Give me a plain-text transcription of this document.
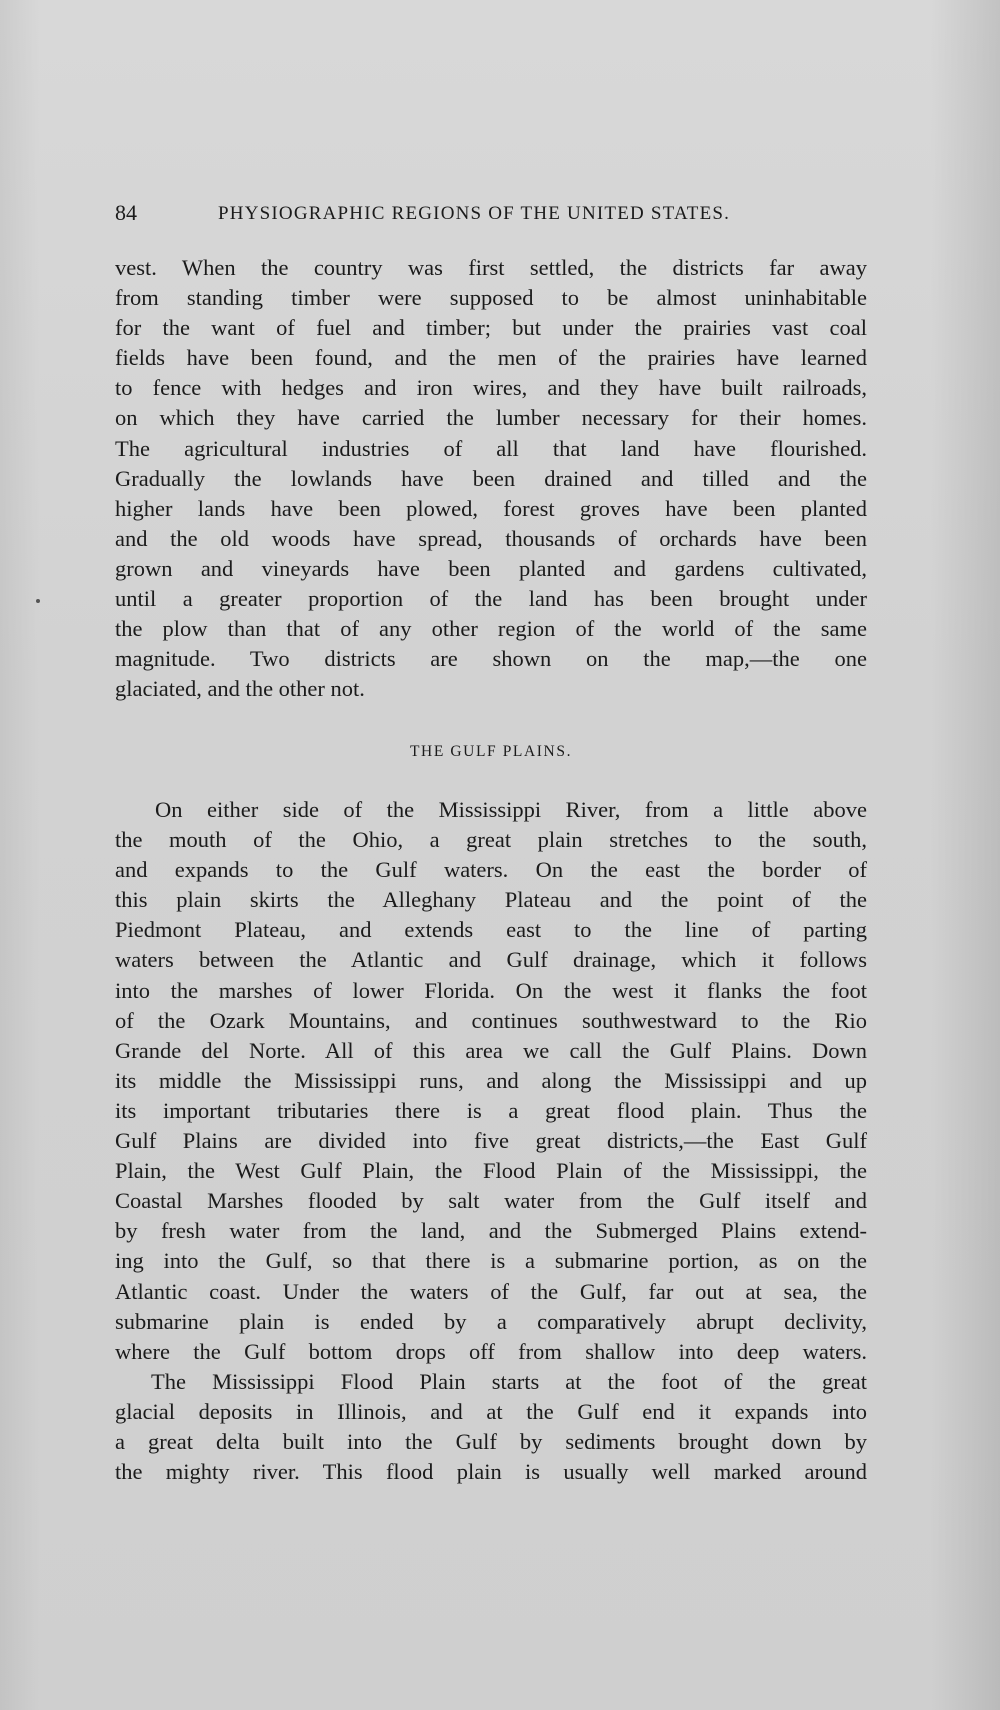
84	PHYSIOGRAPHIC REGIONS OF THE UNITED STATES.
vest. When the country was first settled, the districts far away
from standing timber were supposed to be almost uninhabitable
for the want of fuel and timber; but under the prairies vast coal
fields have been found, and the men of the prairies have learned
to fence with hedges and iron wires, and they have built railroads,
on which they have carried the lumber necessary for their homes.
The agricultural industries of all that land have flourished.
Gradually the lowlands have been drained and tilled and the
higher lands have been plowed, forest groves have been planted
and the old woods have spread, thousands of orchards have been
grown and vineyards have been planted and gardens cultivated,
until a greater proportion of the land has been brought under
the plow than that of any other region of the world of the same
magnitude. Two districts are shown on the map,—the one
glaciated, and the other not.
THE GULF PLAINS.
On either side of the Mississippi River, from a little above
the mouth of the Ohio, a great plain stretches to the south,
and expands to the Gulf waters. On the east the border of
this plain skirts the Alleghany Plateau and the point of the
Piedmont Plateau, and extends east to the line of parting
waters between the Atlantic and Gulf drainage, which it follows
into the marshes of lower Florida. On the west it flanks the foot
of the Ozark Mountains, and continues southwestward to the Rio
Grande del Norte. All of this area we call the Gulf Plains. Down
its middle the Mississippi runs, and along the Mississippi and up
its important tributaries there is a great flood plain. Thus the
Gulf Plains are divided into five great districts,—the East Gulf
Plain, the West Gulf Plain, the Flood Plain of the Mississippi, the
Coastal Marshes flooded by salt water from the Gulf itself and
by fresh water from the land, and the Submerged Plains extend-
ing into the Gulf, so that there is a submarine portion, as on the
Atlantic coast. Under the waters of the Gulf, far out at sea, the
submarine plain is ended by a comparatively abrupt declivity,
where the Gulf bottom drops off from shallow into deep waters.
The Mississippi Flood Plain starts at the foot of the great
glacial deposits in Illinois, and at the Gulf end it expands into
a great delta built into the Gulf by sediments brought down by
the mighty river. This flood plain is usually well marked around
